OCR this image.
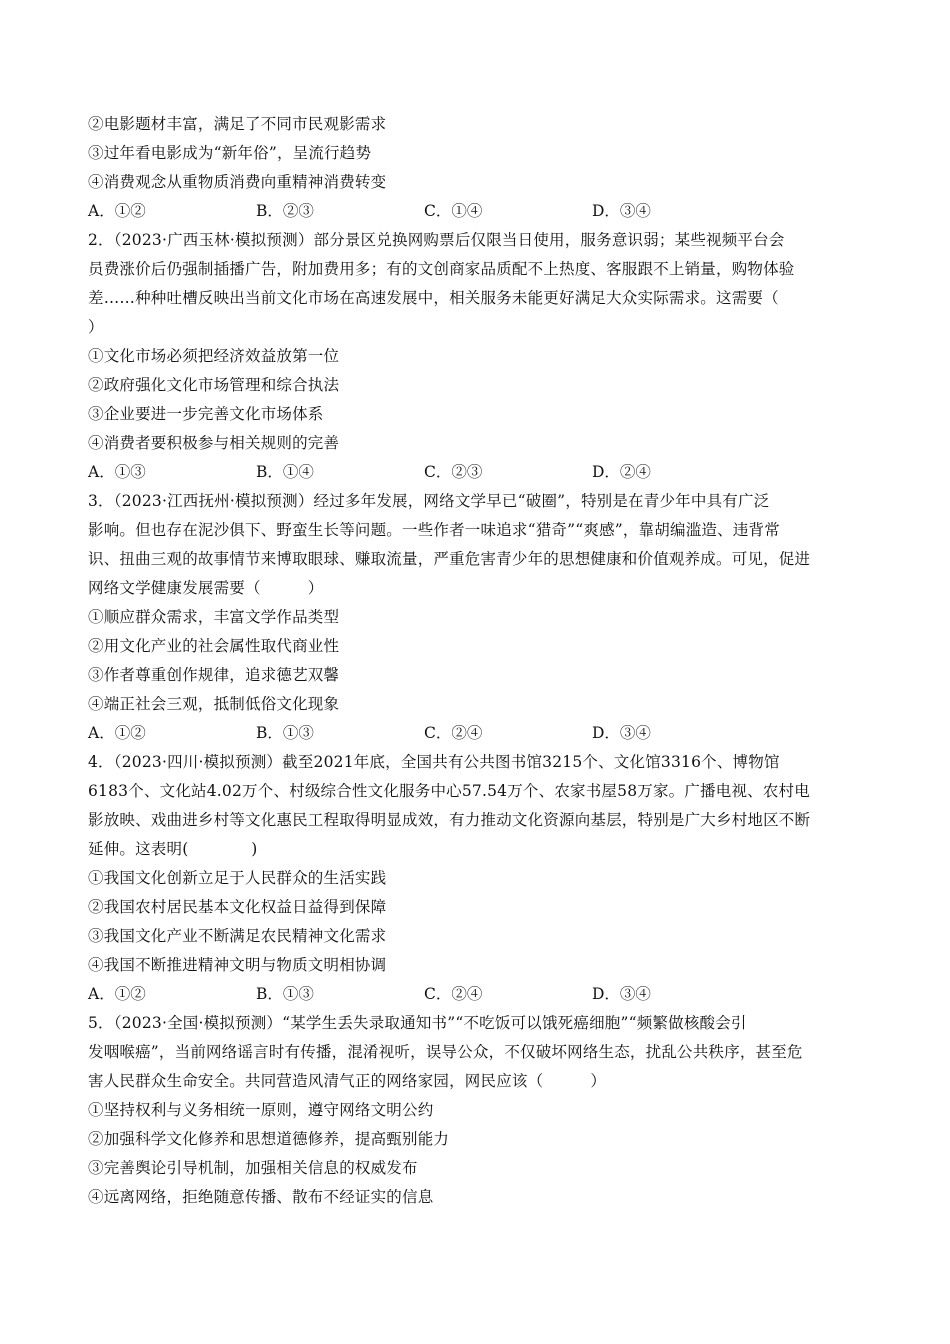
②电影题材丰富，满足了不同市民观影需求
③过年看电影成为“新年俗”，呈流行趋势
④消费观念从重物质消费向重精神消费转变
A．①②	B．②③	C．①④	D．③④
2．（2023·广西玉林·模拟预测）部分景区兑换网购票后仅限当日使用，服务意识弱；某些视频平台会
员费涨价后仍强制插播广告，附加费用多；有的文创商家品质配不上热度、客服跟不上销量，购物体验
差……种种吐槽反映出当前文化市场在高速发展中，相关服务未能更好满足大众实际需求。这需要（
）
①文化市场必须把经济效益放第一位
②政府强化文化市场管理和综合执法
③企业要进一步完善文化市场体系
④消费者要积极参与相关规则的完善
A．①③	B．①④	C．②③	D．②④
3．（2023·江西抚州·模拟预测）经过多年发展，网络文学早已“破圈”，特别是在青少年中具有广泛
影响。但也存在泥沙俱下、野蛮生长等问题。一些作者一味追求“猎奇”“爽感”，靠胡编滥造、违背常
识、扭曲三观的故事情节来博取眼球、赚取流量，严重危害青少年的思想健康和价值观养成。可见，促进
网络文学健康发展需要（　　　）
①顺应群众需求，丰富文学作品类型
②用文化产业的社会属性取代商业性
③作者尊重创作规律，追求德艺双馨
④端正社会三观，抵制低俗文化现象
A．①②	B．①③	C．②④	D．③④
4．（2023·四川·模拟预测）截至2021年底，全国共有公共图书馆3215个、文化馆3316个、博物馆
6183个、文化站4.02万个、村级综合性文化服务中心57.54万个、农家书屋58万家。广播电视、农村电
影放映、戏曲进乡村等文化惠民工程取得明显成效，有力推动文化资源向基层，特别是广大乡村地区不断
延伸。这表明(　　　　)
①我国文化创新立足于人民群众的生活实践
②我国农村居民基本文化权益日益得到保障
③我国文化产业不断满足农民精神文化需求
④我国不断推进精神文明与物质文明相协调
A．①②	B．①③	C．②④	D．③④
5．（2023·全国·模拟预测）“某学生丢失录取通知书”“不吃饭可以饿死癌细胞”“频繁做核酸会引
发咽喉癌”，当前网络谣言时有传播，混淆视听，误导公众，不仅破坏网络生态，扰乱公共秩序，甚至危
害人民群众生命安全。共同营造风清气正的网络家园，网民应该（　　　）
①坚持权利与义务相统一原则，遵守网络文明公约
②加强科学文化修养和思想道德修养，提高甄别能力
③完善舆论引导机制，加强相关信息的权威发布
④远离网络，拒绝随意传播、散布不经证实的信息
